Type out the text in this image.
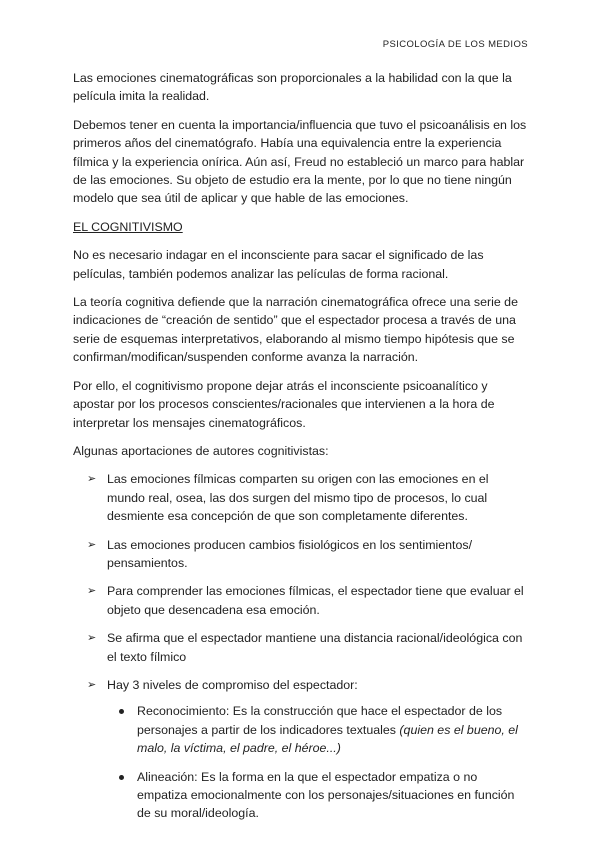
PSICOLOGÍA DE LOS MEDIOS

Las emociones cinematográficas son proporcionales a la habilidad con la que la película imita la realidad.

Debemos tener en cuenta la importancia/influencia que tuvo el psicoanálisis en los primeros años del cinematógrafo. Había una equivalencia entre la experiencia fílmica y la experiencia onírica. Aún así, Freud no estableció un marco para hablar de las emociones. Su objeto de estudio era la mente, por lo que no tiene ningún modelo que sea útil de aplicar y que hable de las emociones.

EL COGNITIVISMO

No es necesario indagar en el inconsciente para sacar el significado de las películas, también podemos analizar las películas de forma racional.

La teoría cognitiva defiende que la narración cinematográfica ofrece una serie de indicaciones de “creación de sentido” que el espectador procesa a través de una serie de esquemas interpretativos, elaborando al mismo tiempo hipótesis que se confirman/modifican/suspenden conforme avanza la narración.

Por ello, el cognitivismo propone dejar atrás el inconsciente psicoanalítico y apostar por los procesos conscientes/racionales que intervienen a la hora de interpretar los mensajes cinematográficos.

Algunas aportaciones de autores cognitivistas:

➢ Las emociones fílmicas comparten su origen con las emociones en el mundo real, osea, las dos surgen del mismo tipo de procesos, lo cual desmiente esa concepción de que son completamente diferentes.
➢ Las emociones producen cambios fisiológicos en los sentimientos/ pensamientos.
➢ Para comprender las emociones fílmicas, el espectador tiene que evaluar el objeto que desencadena esa emoción.
➢ Se afirma que el espectador mantiene una distancia racional/ideológica con el texto fílmico
➢ Hay 3 niveles de compromiso del espectador:
Reconocimiento: Es la construcción que hace el espectador de los personajes a partir de los indicadores textuales (quien es el bueno, el malo, la víctima, el padre, el héroe...)
Alineación: Es la forma en la que el espectador empatiza o no empatiza emocionalmente con los personajes/situaciones en función de su moral/ideología.
